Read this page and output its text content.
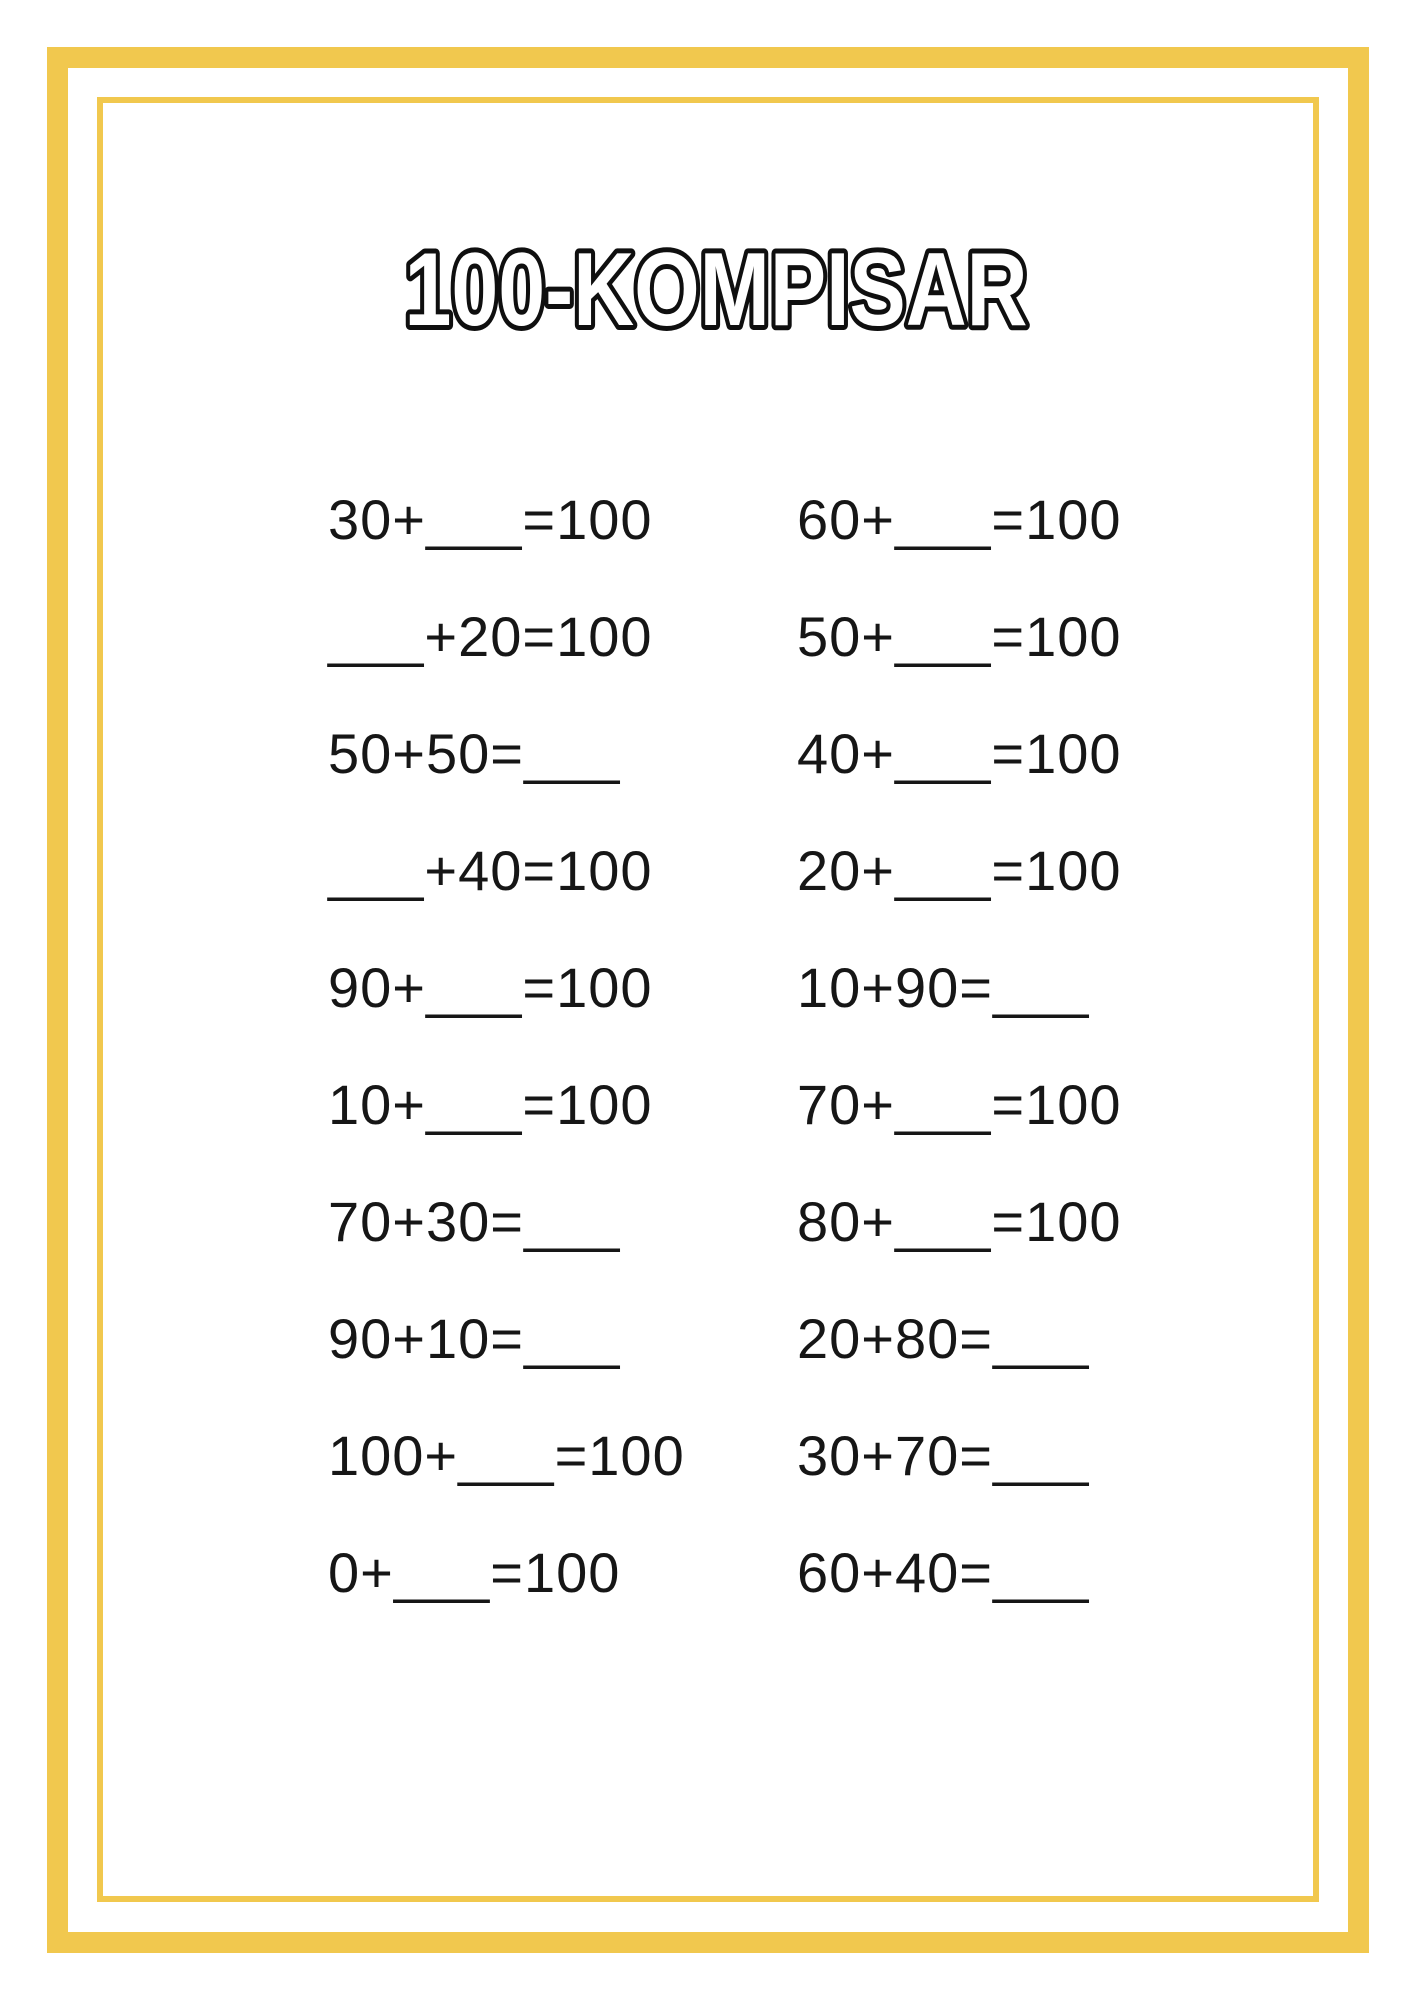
100-KOMPISAR
30+___=100	60+___=100
___+20=100	50+___=100
50+50=___	40+___=100
___+40=100	20+___=100
90+___=100	10+90=___
10+___=100	70+___=100
70+30=___	80+___=100
90+10=___	20+80=___
100+___=100	30+70=___
0+___=100	60+40=___
